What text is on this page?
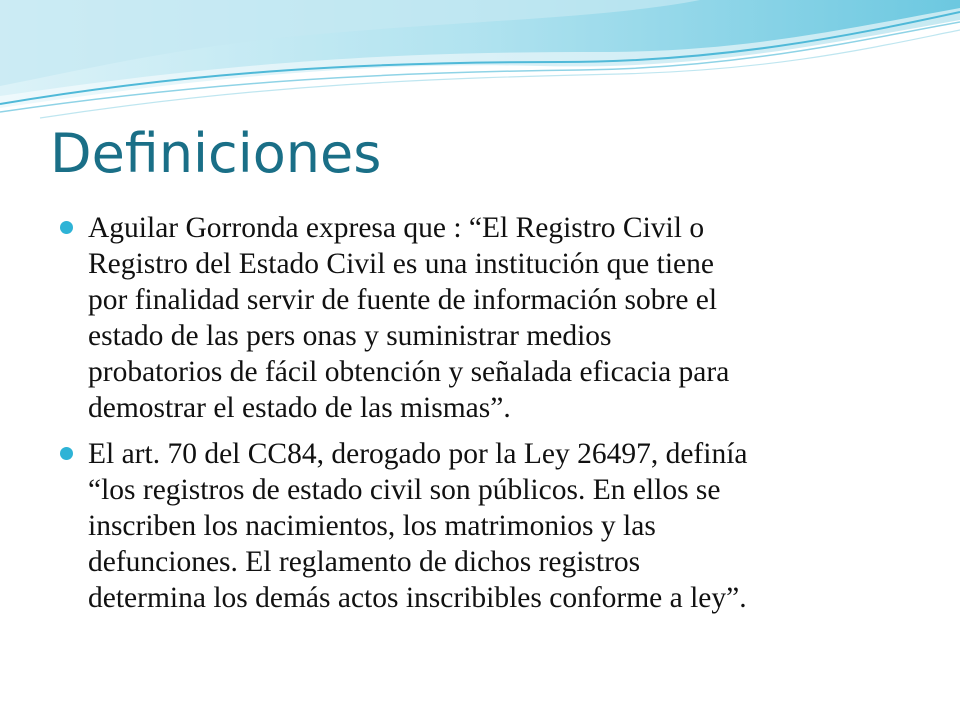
Definiciones
Aguilar Gorronda expresa que : “El Registro Civil o
Registro del Estado Civil es una institución que tiene
por finalidad servir de fuente de información sobre el
estado de las pers onas y suministrar medios
probatorios de fácil obtención y señalada eficacia para
demostrar el estado de las mismas”.
El art. 70 del CC84, derogado por la Ley 26497, definía
“los registros de estado civil son públicos. En ellos se
inscriben los nacimientos, los matrimonios y las
defunciones. El reglamento de dichos registros
determina los demás actos inscribibles conforme a ley”.
